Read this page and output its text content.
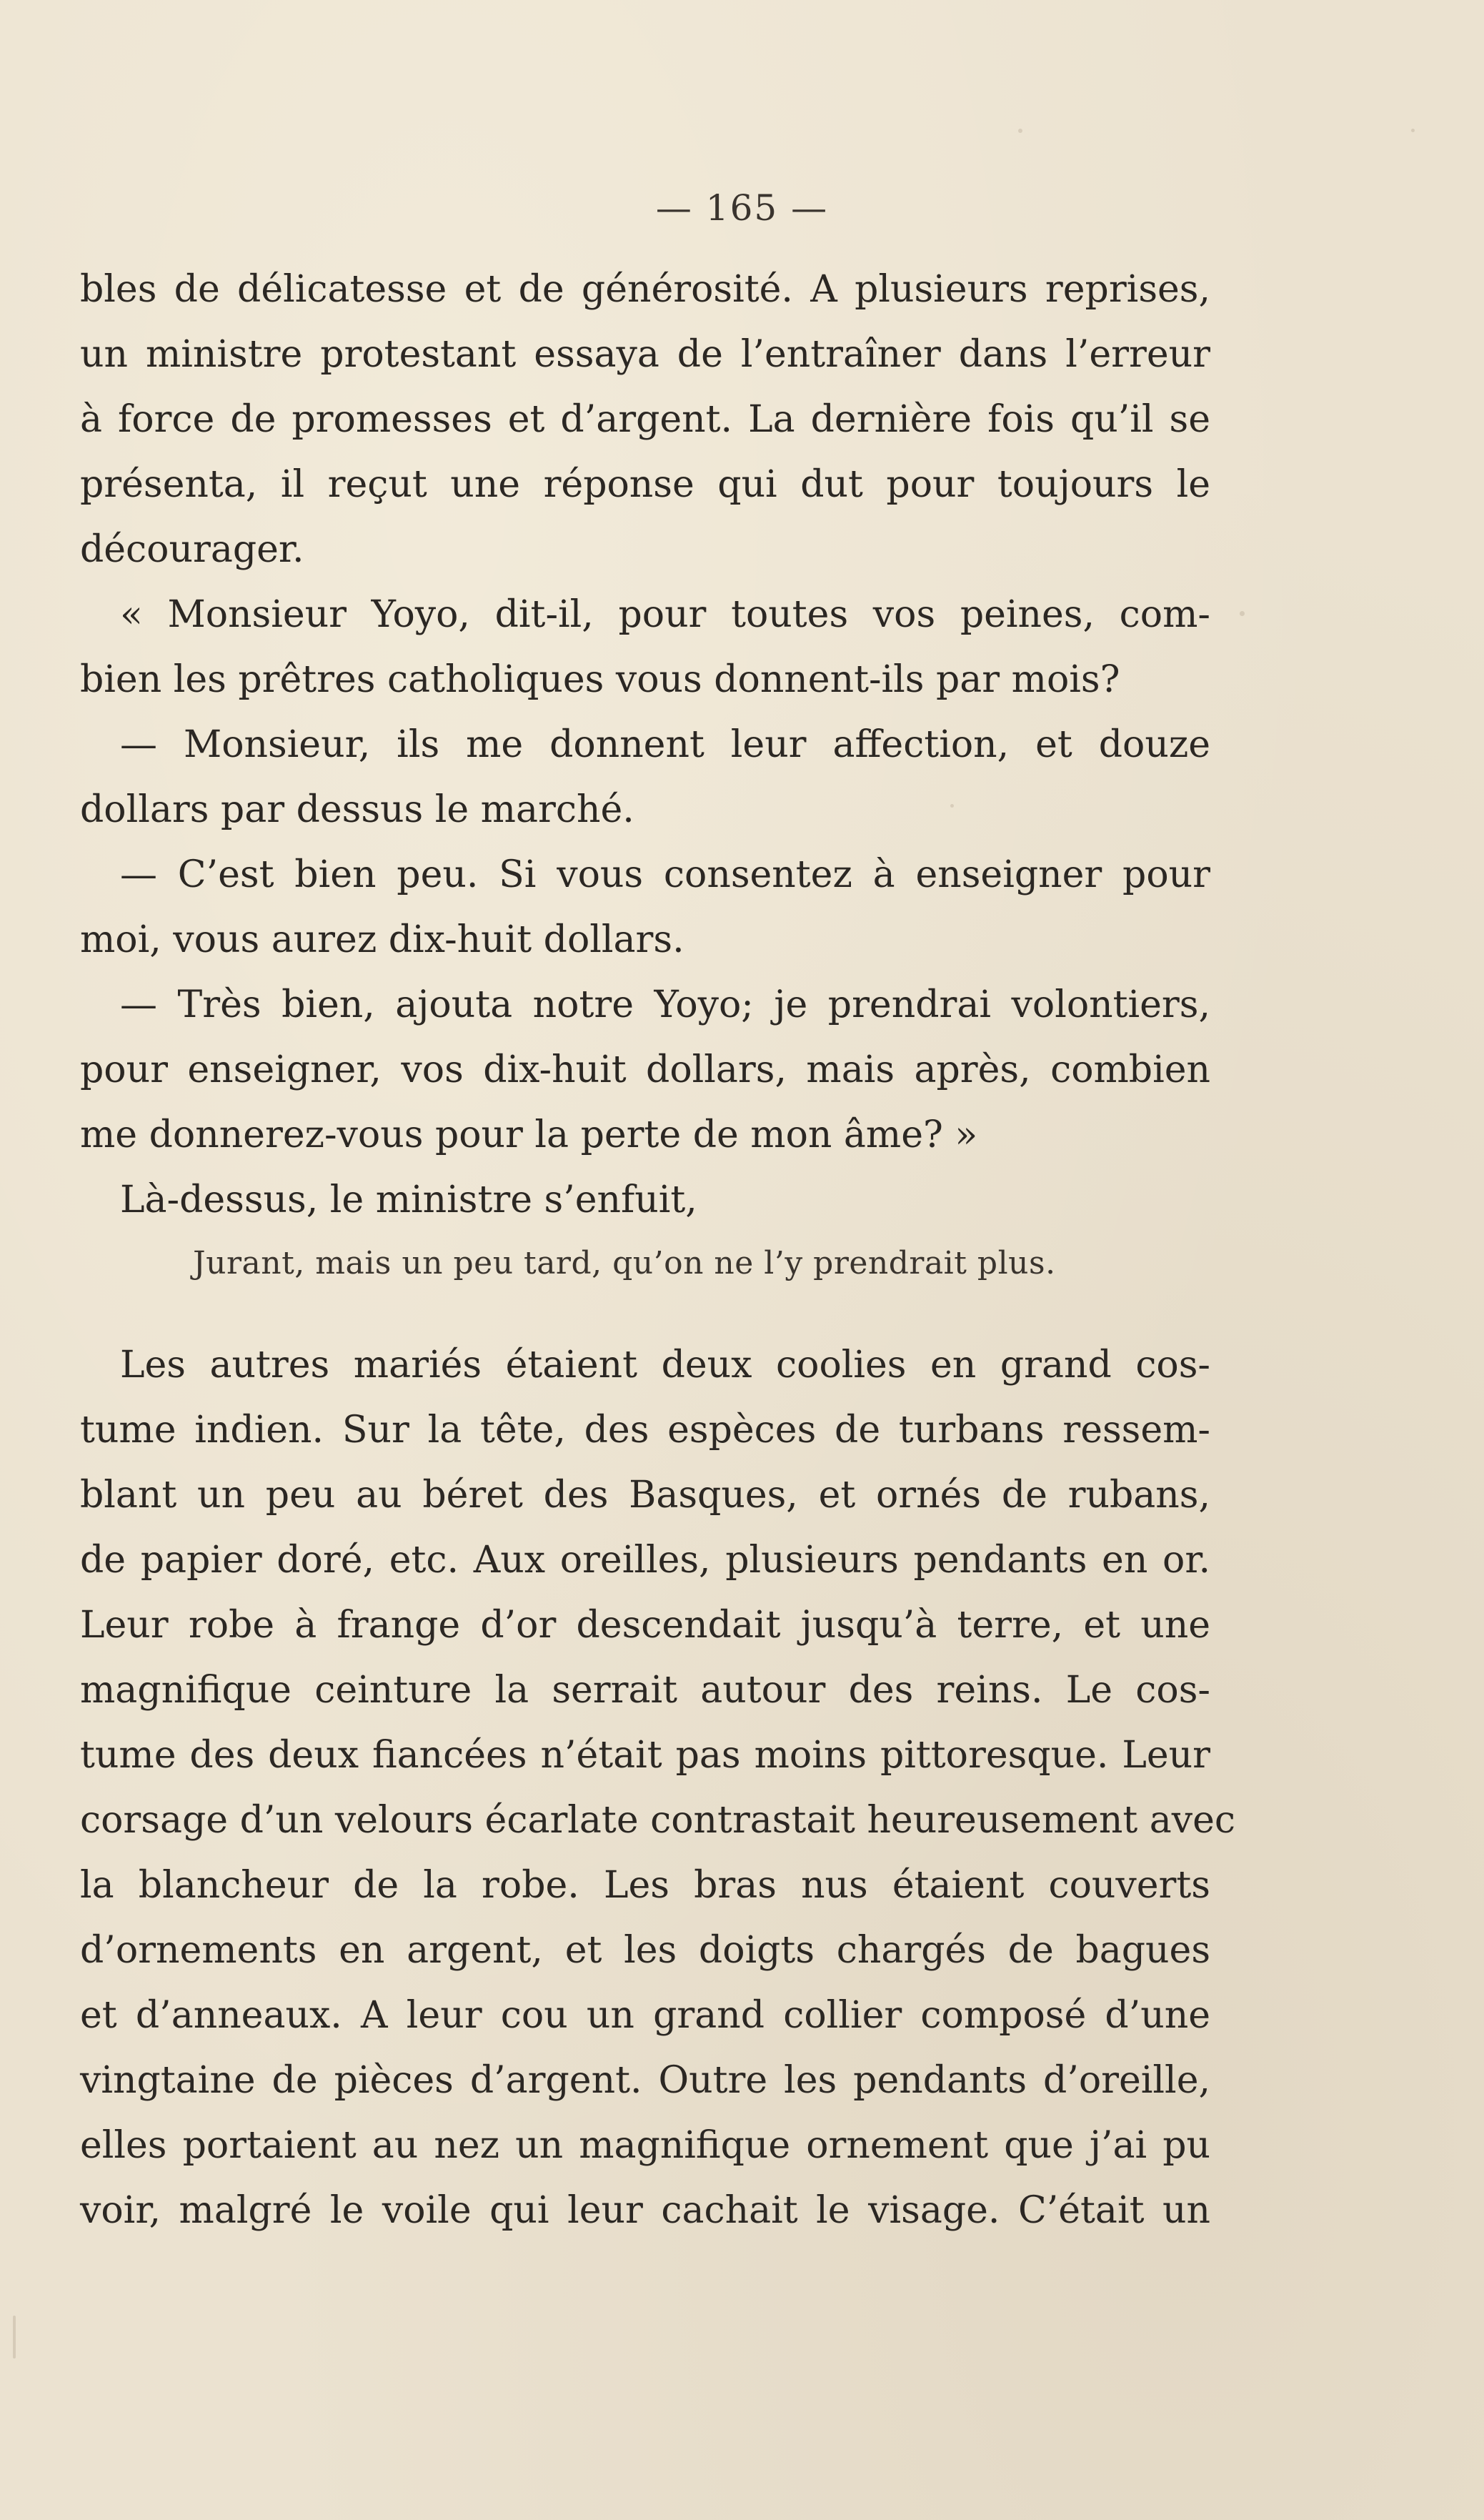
— 165 —
bles de délicatesse et de générosité. A plusieurs reprises,
un ministre protestant essaya de l’entraîner dans l’erreur
à force de promesses et d’argent. La dernière fois qu’il se
présenta, il reçut une réponse qui dut pour toujours le
décourager.
« Monsieur Yoyo, dit-il, pour toutes vos peines, com-
bien les prêtres catholiques vous donnent-ils par mois?
— Monsieur, ils me donnent leur affection, et douze
dollars par dessus le marché.
— C’est bien peu. Si vous consentez à enseigner pour
moi, vous aurez dix-huit dollars.
— Très bien, ajouta notre Yoyo; je prendrai volontiers,
pour enseigner, vos dix-huit dollars, mais après, combien
me donnerez-vous pour la perte de mon âme? »
Là-dessus, le ministre s’enfuit,
Jurant, mais un peu tard, qu’on ne l’y prendrait plus.
Les autres mariés étaient deux coolies en grand cos-
tume indien. Sur la tête, des espèces de turbans ressem-
blant un peu au béret des Basques, et ornés de rubans,
de papier doré, etc. Aux oreilles, plusieurs pendants en or.
Leur robe à frange d’or descendait jusqu’à terre, et une
magnifique ceinture la serrait autour des reins. Le cos-
tume des deux fiancées n’était pas moins pittoresque. Leur
corsage d’un velours écarlate contrastait heureusement avec
la blancheur de la robe. Les bras nus étaient couverts
d’ornements en argent, et les doigts chargés de bagues
et d’anneaux. A leur cou un grand collier composé d’une
vingtaine de pièces d’argent. Outre les pendants d’oreille,
elles portaient au nez un magnifique ornement que j’ai pu
voir, malgré le voile qui leur cachait le visage. C’était un
